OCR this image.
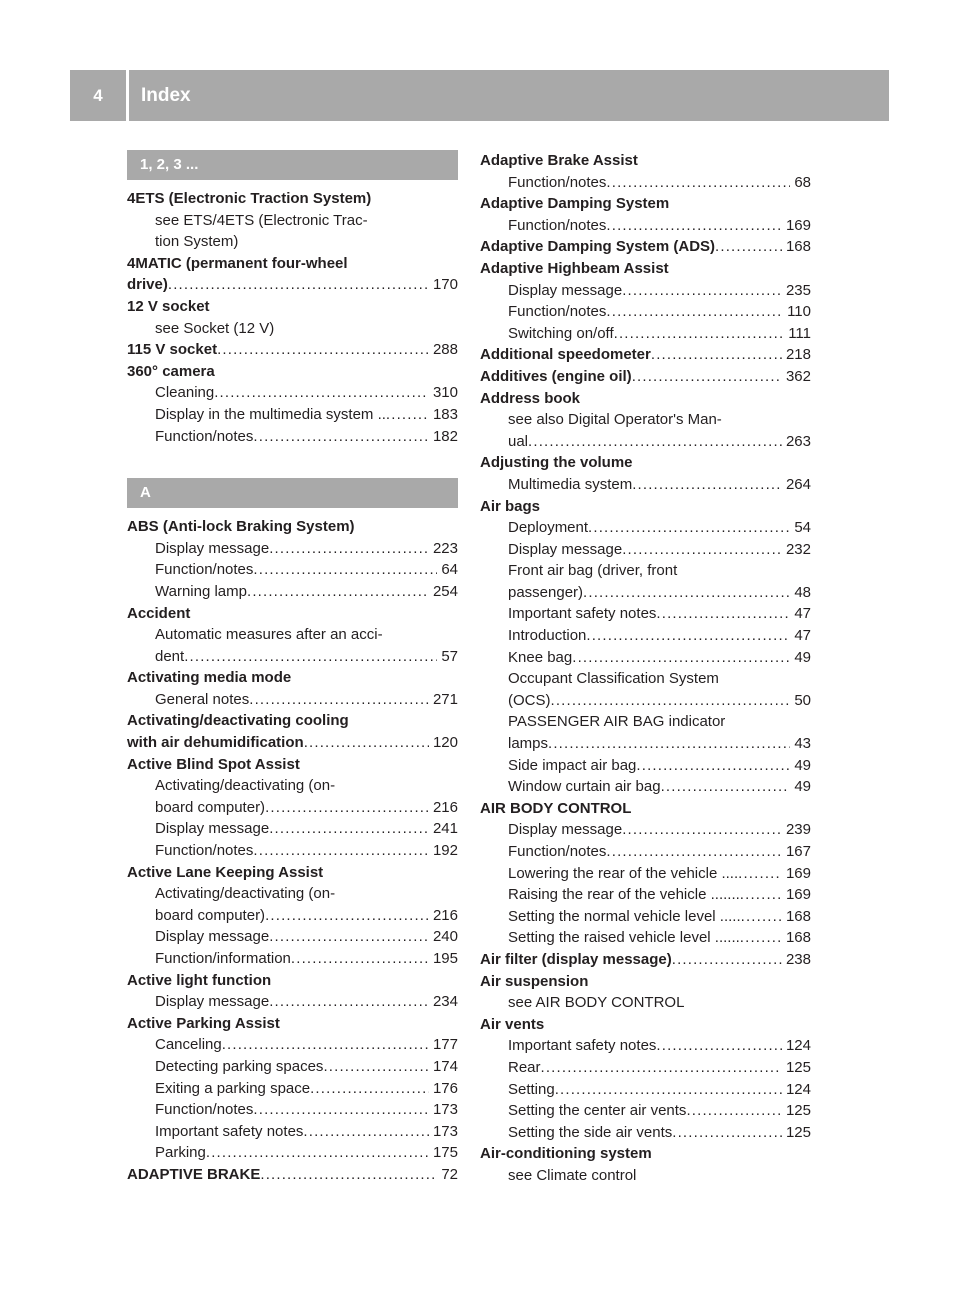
4	Index
1, 2, 3 ...
4ETS (Electronic Traction System)
see ETS/4ETS (Electronic Trac-
tion System)
4MATIC (permanent four-wheel
drive) . . .	170
12 V socket
see Socket (12 V)
115 V socket . . .	288
360° camera
Cleaning . . .	310
Display in the multimedia system .. . . .	183
Function/notes . . .	182
A
ABS (Anti-lock Braking System)
Display message . . .	223
Function/notes . . .	64
Warning lamp . . .	254
Accident
Automatic measures after an acci-
dent . . .	57
Activating media mode
General notes . . .	271
Activating/deactivating cooling
with air dehumidification . . .	120
Active Blind Spot Assist
Activating/deactivating (on-
board computer) . . .	216
Display message . . .	241
Function/notes . . .	192
Active Lane Keeping Assist
Activating/deactivating (on-
board computer) . . .	216
Display message . . .	240
Function/information . . .	195
Active light function
Display message . . .	234
Active Parking Assist
Canceling . . .	177
Detecting parking spaces . . .	174
Exiting a parking space . . .	176
Function/notes . . .	173
Important safety notes . . .	173
Parking . . .	175
ADAPTIVE BRAKE . . .	72
Adaptive Brake Assist
Function/notes . . .	68
Adaptive Damping System
Function/notes . . .	169
Adaptive Damping System (ADS) . . .	168
Adaptive Highbeam Assist
Display message . . .	235
Function/notes . . .	110
Switching on/off . . .	111
Additional speedometer . . .	218
Additives (engine oil) . . .	362
Address book
see also Digital Operator's Man-
ual . . .	263
Adjusting the volume
Multimedia system . . .	264
Air bags
Deployment . . .	54
Display message . . .	232
Front air bag (driver, front
passenger) . . .	48
Important safety notes . . .	47
Introduction . . .	47
Knee bag . . .	49
Occupant Classification System
(OCS) . . .	50
PASSENGER AIR BAG indicator
lamps . . .	43
Side impact air bag . . .	49
Window curtain air bag . . .	49
AIR BODY CONTROL
Display message . . .	239
Function/notes . . .	167
Lowering the rear of the vehicle .... . . .	169
Raising the rear of the vehicle ....... . . .	169
Setting the normal vehicle level ..... . . .	168
Setting the raised vehicle level ...... . . .	168
Air filter (display message) . . .	238
Air suspension
see AIR BODY CONTROL
Air vents
Important safety notes . . .	124
Rear . . .	125
Setting . . .	124
Setting the center air vents . . .	125
Setting the side air vents . . .	125
Air-conditioning system
see Climate control
